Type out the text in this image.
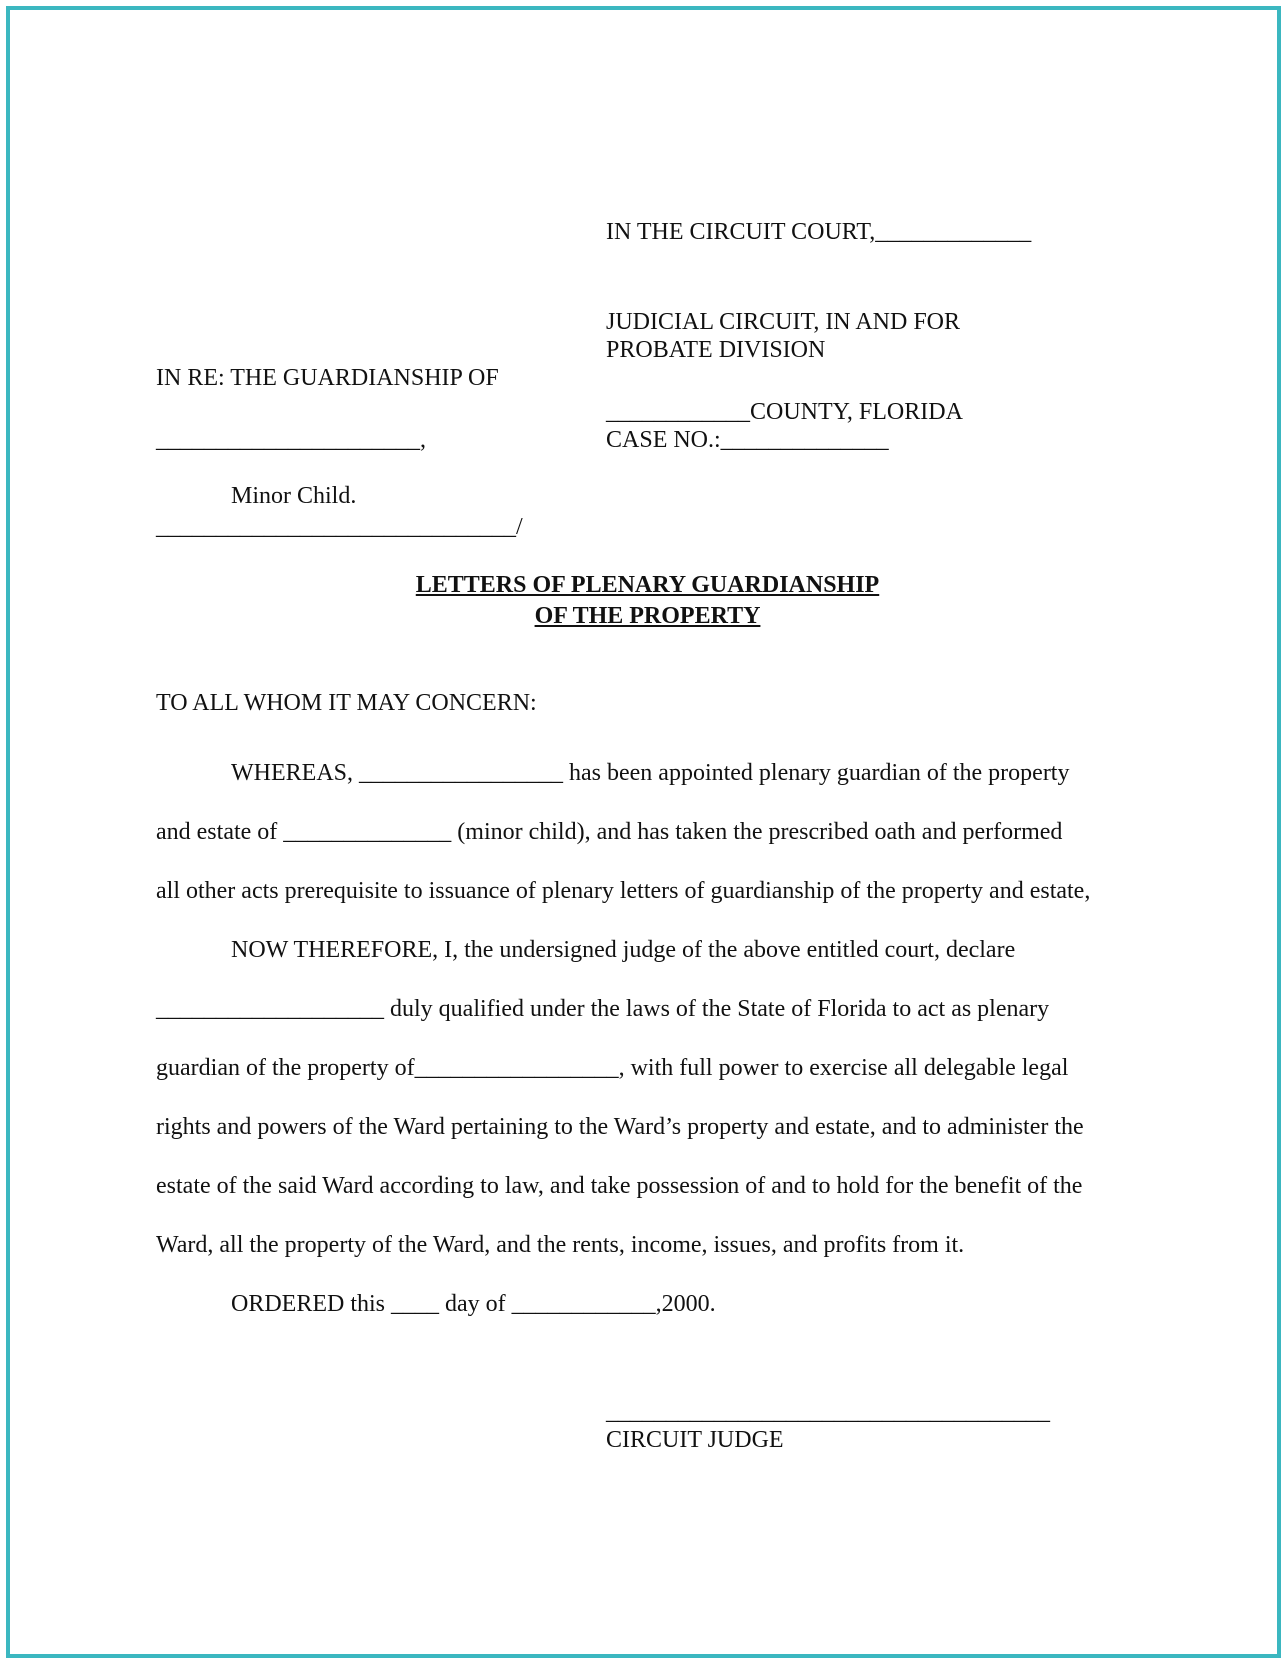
IN THE CIRCUIT COURT,_____________

JUDICIAL CIRCUIT, IN AND FOR

____________COUNTY, FLORIDA

PROBATE DIVISION

CASE NO.:______________

IN RE: THE GUARDIANSHIP OF
______________________,
Minor Child.
______________________________/
LETTERS OF PLENARY GUARDIANSHIP
OF THE PROPERTY
TO ALL WHOM IT MAY CONCERN:

WHEREAS, _________________ has been appointed plenary guardian of the property

and estate of ______________ (minor child), and has taken the prescribed oath and performed

all other acts prerequisite to issuance of plenary letters of guardianship of the property and estate,

NOW THEREFORE, I, the undersigned judge of the above entitled court, declare

___________________ duly qualified under the laws of the State of Florida to act as plenary

guardian of the property of_________________, with full power to exercise all delegable legal

rights and powers of the Ward pertaining to the Ward’s property and estate, and to administer the

estate of the said Ward according to law, and take possession of and to hold for the benefit of the

Ward, all the property of the Ward, and the rents, income, issues, and profits from it.

ORDERED this ____ day of ____________,2000.

_____________________________________
CIRCUIT JUDGE
